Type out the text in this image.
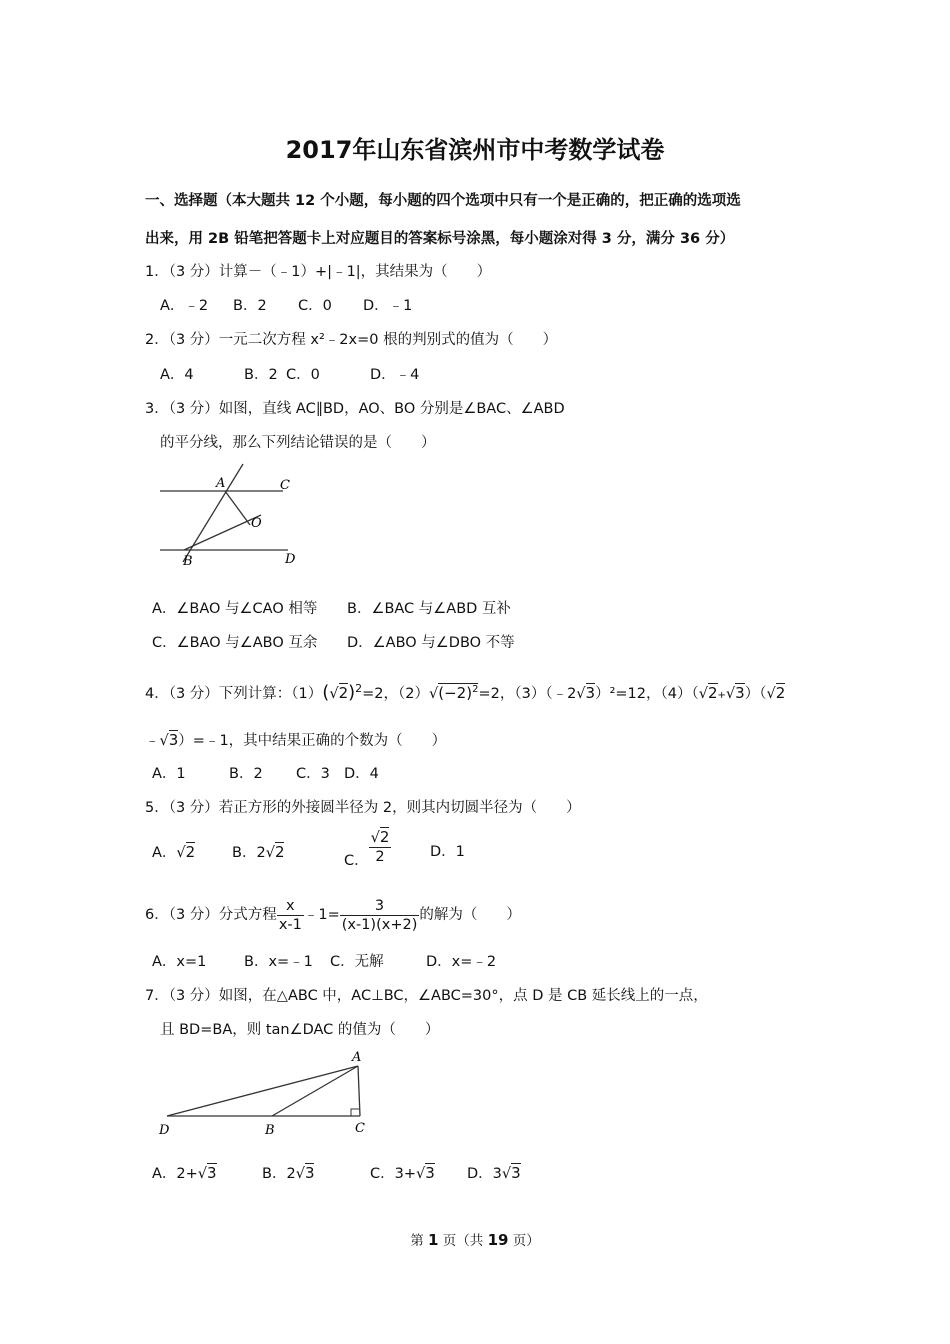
2017年山东省滨州市中考数学试卷
一、选择题（本大题共 12 个小题，每小题的四个选项中只有一个是正确的，把正确的选项选
出来，用 2B 铅笔把答题卡上对应题目的答案标号涂黑，每小题涂对得 3 分，满分 36 分）
1．（3 分）计算－（﹣1）+|﹣1|，其结果为（　　）
A．﹣2 B．2 C．0 D．﹣1
2．（3 分）一元二次方程 x²﹣2x=0 根的判别式的值为（　　）
A．4	B．2 C．0	D．﹣4
3．（3 分）如图，直线 AC∥BD，AO、BO 分别是∠BAC、∠ABD
的平分线，那么下列结论错误的是（　　）
A	C
O
B	D
A．∠BAO 与∠CAO 相等 B．∠BAC 与∠ABD 互补
C．∠BAO 与∠ABO 互余 D．∠ABO 与∠DBO 不等
4．（3 分）下列计算：$(1)(√2)^2=2$，$(2)√(-2)^2=2$，（3）（﹣2√3）²=12，（4）（√2+√3）（√2
﹣√3）=﹣1，其中结果正确的个数为（　　）
A．1	B．2 C．3 D．4
5．（3 分）若正方形的外接圆半径为 2，则其内切圆半径为（　　）
A．√2	B．2√2	C． $\frac{√2}{2}$	D．1
6．（3 分）分式方程 $\frac{x}{x-1}$ ﹣1= $\frac{3}{(x-1)(x+2)}$ 的解为（　　）
A．x=1	B．x=﹣1 C．无解	D．x=﹣2
7．（3 分）如图，在△ABC 中，AC⊥BC，∠ABC=30°，点 D 是 CB 延长线上的一点，
且 BD=BA，则 tan∠DAC 的值为（　　）
A
D	B	C
A．2+√3	B．2√3	C．3+√3 D．3√3
第 1 页（共 19 页）
